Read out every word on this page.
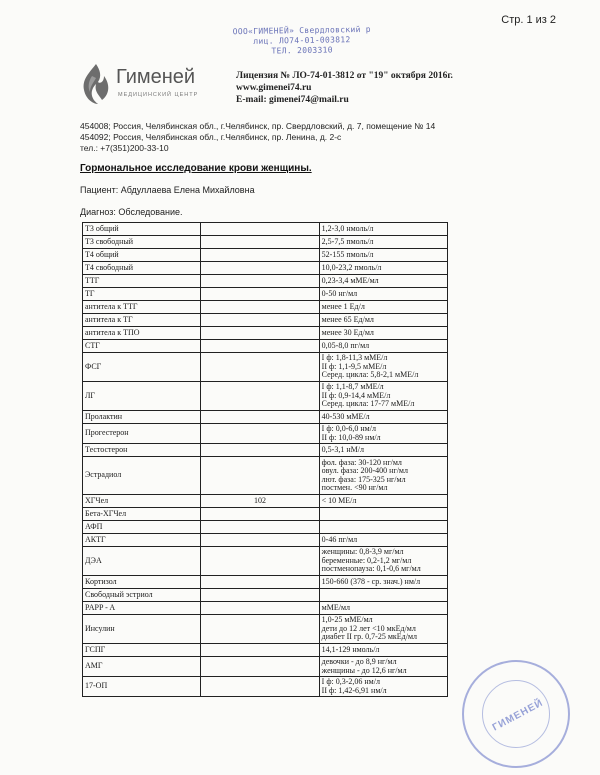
Стр. 1 из 2
ООО«ГИМЕНЕЙ» Свердловский р
лиц. ЛО74-01-003812
ТЕЛ. 2003310
Гименей
МЕДИЦИНСКИЙ ЦЕНТР
Лицензия № ЛО-74-01-3812 от "19" октября 2016г.
www.gimenei74.ru
E-mail: gimenei74@mail.ru
454008; Россия, Челябинская обл., г.Челябинск, пр. Свердловский, д. 7, помещение № 14
454092; Россия, Челябинская обл., г.Челябинск, пр. Ленина, д. 2-с
тел.: +7(351)200-33-10
Гормональное исследование крови женщины.
Пациент: Абдуллаева Елена Михайловна
Диагноз: Обследование.
Т3 общий		1,2-3,0 нмоль/л

Т3 свободный		2,5-7,5 пмоль/л

Т4 общий		52-155 пмоль/л

Т4 свободный		10,0-23,2 пмоль/л

ТТГ		0,23-3,4 мМЕ/мл

ТГ		0-50 нг/мл

антитела к ТТГ		менее 1 Ед/л

антитела к ТГ		менее 65 Ед/мл

антитела к ТПО		менее 30 Ед/мл

СТГ		0,05-8,0 пг/мл

ФСГ		I ф: 1,8-11,3 мМЕ/л
II ф: 1,1-9,5 мМЕ/л
Серед. цикла: 5,8-2,1 мМЕ/л

ЛГ		I ф: 1,1-8,7 мМЕ/л
II ф: 0,9-14,4 мМЕ/л
Серед. цикла: 17-77 мМЕ/л

Пролактин		40-530 мМЕ/л

Прогестерон		I ф: 0,0-6,0 нм/л
II ф: 10,0-89 нм/л

Тестостерон		0,5-3,1 нМ/л

Эстрадиол		фол. фаза: 30-120 нг/мл
овул. фаза: 200-400 нг/мл
лют. фаза: 175-325 нг/мл
постмен. <90 нг/мл

ХГЧел	102	< 10 МЕ/л

Бета-ХГЧел		

АФП		

АКТГ		0-46 пг/мл

ДЭА		женщины: 0,8-3,9 мг/мл
беременные: 0,2-1,2 мг/мл
постменопауза: 0,1-0,6 мг/мл

Кортизол		150-660 (378 - ср. знач.) нм/л

Свободный эстриол		

PAPP - A		мМЕ/мл

Инсулин		1,0-25 мМЕ/мл
дети до 12 лет <10 мкЕд/мл
диабет II гр. 0,7-25 мкЕд/мл

ГСПГ		14,1-129 нмоль/л

АМГ		девочки - до 8,9 нг/мл
женщины - до 12,6 нг/мл

17-ОП		I ф: 0,3-2,06 нм/л
II ф: 1,42-6,91 нм/л
ГИМЕНЕЙ
